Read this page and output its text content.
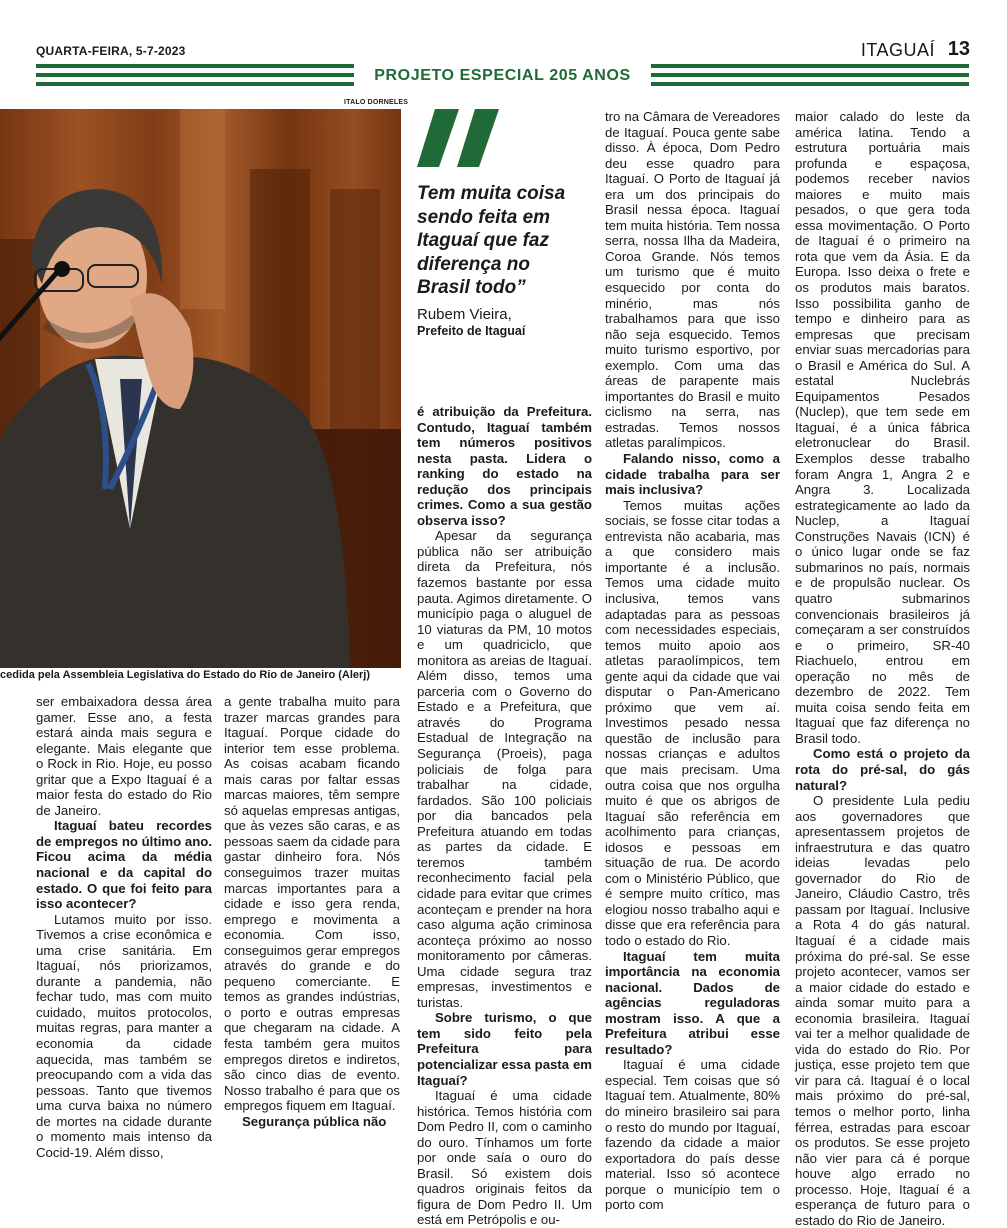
QUARTA-FEIRA, 5-7-2023	ITAGUAÍ 13
PROJETO ESPECIAL 205 ANOS
ITALO DORNELES
cedida pela Assembleia Legislativa do Estado do Rio de Janeiro (Alerj)
Tem muita coisa sendo feita em Itaguaí que faz diferença no Brasil todo”
Rubem Vieira,
Prefeito de Itaguaí

ser embaixadora dessa área gamer. Esse ano, a festa estará ainda mais segura e elegante. Mais elegante que o Rock in Rio. Hoje, eu posso gritar que a Expo Itaguaí é a maior festa do estado do Rio de Janeiro.

Itaguaí bateu recordes de empregos no último ano. Ficou acima da média nacional e da capital do estado. O que foi feito para isso acontecer?

Lutamos muito por isso. Tivemos a crise econômica e uma crise sanitária. Em Itaguaí, nós priorizamos, durante a pandemia, não fechar tudo, mas com muito cuidado, muitos protocolos, muitas regras, para manter a economia da cidade aquecida, mas também se preocupando com a vida das pessoas. Tanto que tivemos uma curva baixa no número de mortes na cidade durante o momento mais intenso da Cocid-19. Além disso,

a gente trabalha muito para trazer marcas grandes para Itaguaí. Porque cidade do interior tem esse problema. As coisas acabam ficando mais caras por faltar essas marcas maiores, têm sempre só aquelas empresas antigas, que às vezes são caras, e as pessoas saem da cidade para gastar dinheiro fora. Nós conseguimos trazer muitas marcas importantes para a cidade e isso gera renda, emprego e movimenta a economia. Com isso, conseguimos gerar empregos através do grande e do pequeno comerciante. E temos as grandes indústrias, o porto e outras empresas que chegaram na cidade. A festa também gera muitos empregos diretos e indiretos, são cinco dias de evento. Nosso trabalho é para que os empregos fiquem em Itaguaí.

Segurança pública não

é atribuição da Prefeitura. Contudo, Itaguaí também tem números positivos nesta pasta. Lidera o ranking do estado na redução dos principais crimes. Como a sua gestão observa isso?

Apesar da segurança pública não ser atribuição direta da Prefeitura, nós fazemos bastante por essa pauta. Agimos diretamente. O município paga o aluguel de 10 viaturas da PM, 10 motos e um quadriciclo, que monitora as areias de Itaguaí. Além disso, temos uma parceria com o Governo do Estado e a Prefeitura, que através do Programa Estadual de Integração na Segurança (Proeis), paga policiais de folga para trabalhar na cidade, fardados. São 100 policiais por dia bancados pela Prefeitura atuando em todas as partes da cidade. E teremos também reconhecimento facial pela cidade para evitar que crimes aconteçam e prender na hora caso alguma ação criminosa aconteça próximo ao nosso monitoramento por câmeras. Uma cidade segura traz empresas, investimentos e turistas.

Sobre turismo, o que tem sido feito pela Prefeitura para potencializar essa pasta em Itaguaí?

Itaguaí é uma cidade histórica. Temos história com Dom Pedro II, com o caminho do ouro. Tínhamos um forte por onde saía o ouro do Brasil. Só existem dois quadros originais feitos da figura de Dom Pedro II. Um está em Petrópolis e ou-

tro na Câmara de Vereadores de Itaguaí. Pouca gente sabe disso. À época, Dom Pedro deu esse quadro para Itaguaí. O Porto de Itaguaí já era um dos principais do Brasil nessa época. Itaguaí tem muita história. Tem nossa serra, nossa Ilha da Madeira, Coroa Grande. Nós temos um turismo que é muito esquecido por conta do minério, mas nós trabalhamos para que isso não seja esquecido. Temos muito turismo esportivo, por exemplo. Com uma das áreas de parapente mais importantes do Brasil e muito ciclismo na serra, nas estradas. Temos nossos atletas paralímpicos.

Falando nisso, como a cidade trabalha para ser mais inclusiva?

Temos muitas ações sociais, se fosse citar todas a entrevista não acabaria, mas a que considero mais importante é a inclusão. Temos uma cidade muito inclusiva, temos vans adaptadas para as pessoas com necessidades especiais, temos muito apoio aos atletas paraolímpicos, tem gente aqui da cidade que vai disputar o Pan-Americano próximo que vem aí. Investimos pesado nessa questão de inclusão para nossas crianças e adultos que mais precisam. Uma outra coisa que nos orgulha muito é que os abrigos de Itaguaí são referência em acolhimento para crianças, idosos e pessoas em situação de rua. De acordo com o Ministério Público, que é sempre muito crítico, mas elogiou nosso trabalho aqui e disse que era referência para todo o estado do Rio.

Itaguaí tem muita importância na economia nacional. Dados de agências reguladoras mostram isso. A que a Prefeitura atribui esse resultado?

Itaguaí é uma cidade especial. Tem coisas que só Itaguaí tem. Atualmente, 80% do mineiro brasileiro sai para o resto do mundo por Itaguaí, fazendo da cidade a maior exportadora do país desse material. Isso só acontece porque o município tem o porto com

maior calado do leste da américa latina. Tendo a estrutura portuária mais profunda e espaçosa, podemos receber navios maiores e muito mais pesados, o que gera toda essa movimentação. O Porto de Itaguaí é o primeiro na rota que vem da Ásia. E da Europa. Isso deixa o frete e os produtos mais baratos. Isso possibilita ganho de tempo e dinheiro para as empresas que precisam enviar suas mercadorias para o Brasil e América do Sul. A estatal Nuclebrás Equipamentos Pesados (Nuclep), que tem sede em Itaguaí, é a única fábrica eletronuclear do Brasil. Exemplos desse trabalho foram Angra 1, Angra 2 e Angra 3. Localizada estrategicamente ao lado da Nuclep, a Itaguaí Construções Navais (ICN) é o único lugar onde se faz submarinos no país, normais e de propulsão nuclear. Os quatro submarinos convencionais brasileiros já começaram a ser construídos e o primeiro, SR-40 Riachuelo, entrou em operação no mês de dezembro de 2022. Tem muita coisa sendo feita em Itaguaí que faz diferença no Brasil todo.

Como está o projeto da rota do pré-sal, do gás natural?

O presidente Lula pediu aos governadores que apresentassem projetos de infraestrutura e das quatro ideias levadas pelo governador do Rio de Janeiro, Cláudio Castro, três passam por Itaguaí. Inclusive a Rota 4 do gás natural. Itaguaí é a cidade mais próxima do pré-sal. Se esse projeto acontecer, vamos ser a maior cidade do estado e ainda somar muito para a economia brasileira. Itaguaí vai ter a melhor qualidade de vida do estado do Rio. Por justiça, esse projeto tem que vir para cá. Itaguaí é o local mais próximo do pré-sal, temos o melhor porto, linha férrea, estradas para escoar os produtos. Se esse projeto não vier para cá é porque houve algo errado no processo. Hoje, Itaguaí é a esperança de futuro para o estado do Rio de Janeiro.
